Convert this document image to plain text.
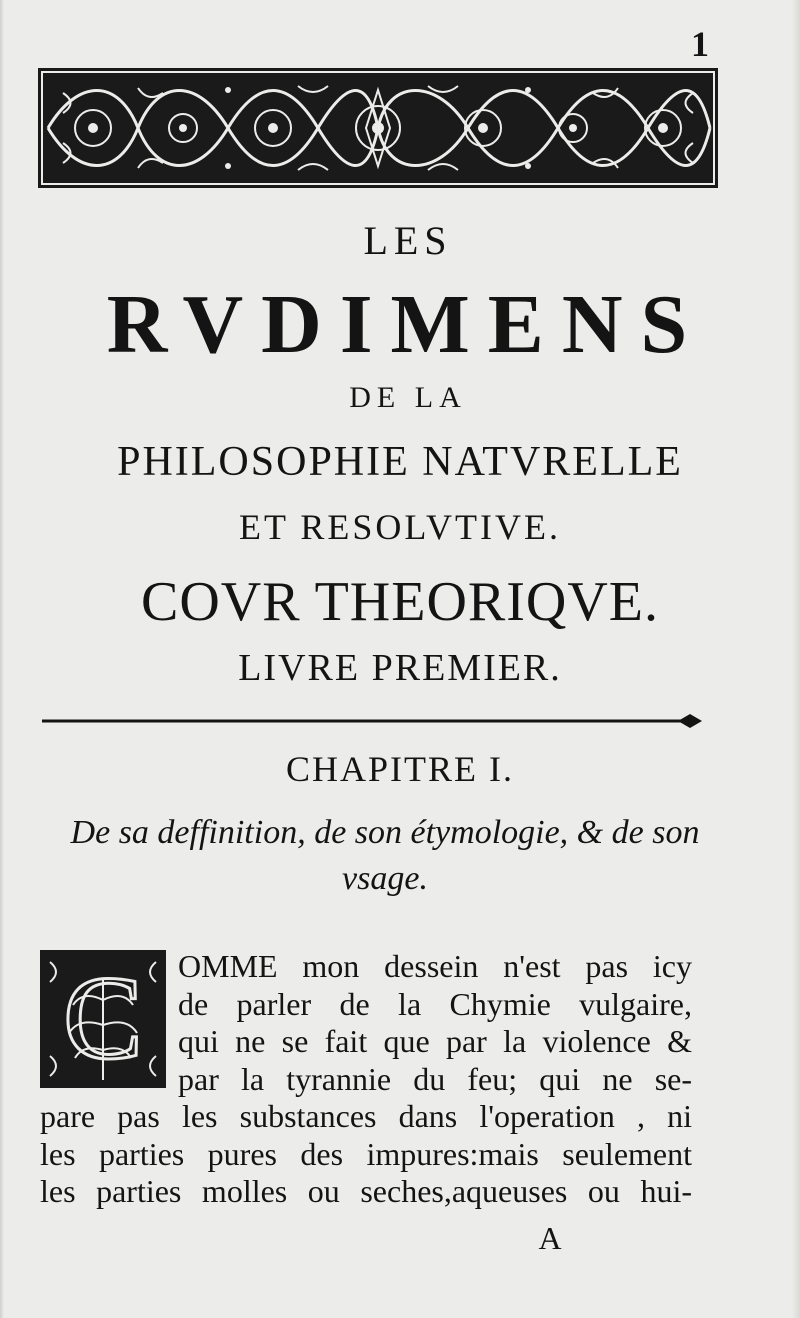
1
LES
RVDIMENS
DE LA
PHILOSOPHIE NATVRELLE
ET RESOLVTIVE.
COVR THEORIQVE.
LIVRE PREMIER.
CHAPITRE I.
De sa deffinition, de son étymologie, & de son vsage.
C	OMME mon dessein n'est pas icy
de parler de la Chymie vulgaire,
qui ne se fait que par la violence &
par la tyrannie du feu; qui ne se-
pare pas les substances dans l'operation , ni
les parties pures des impures:mais seulement
les parties molles ou seches,aqueuses ou hui-
A
